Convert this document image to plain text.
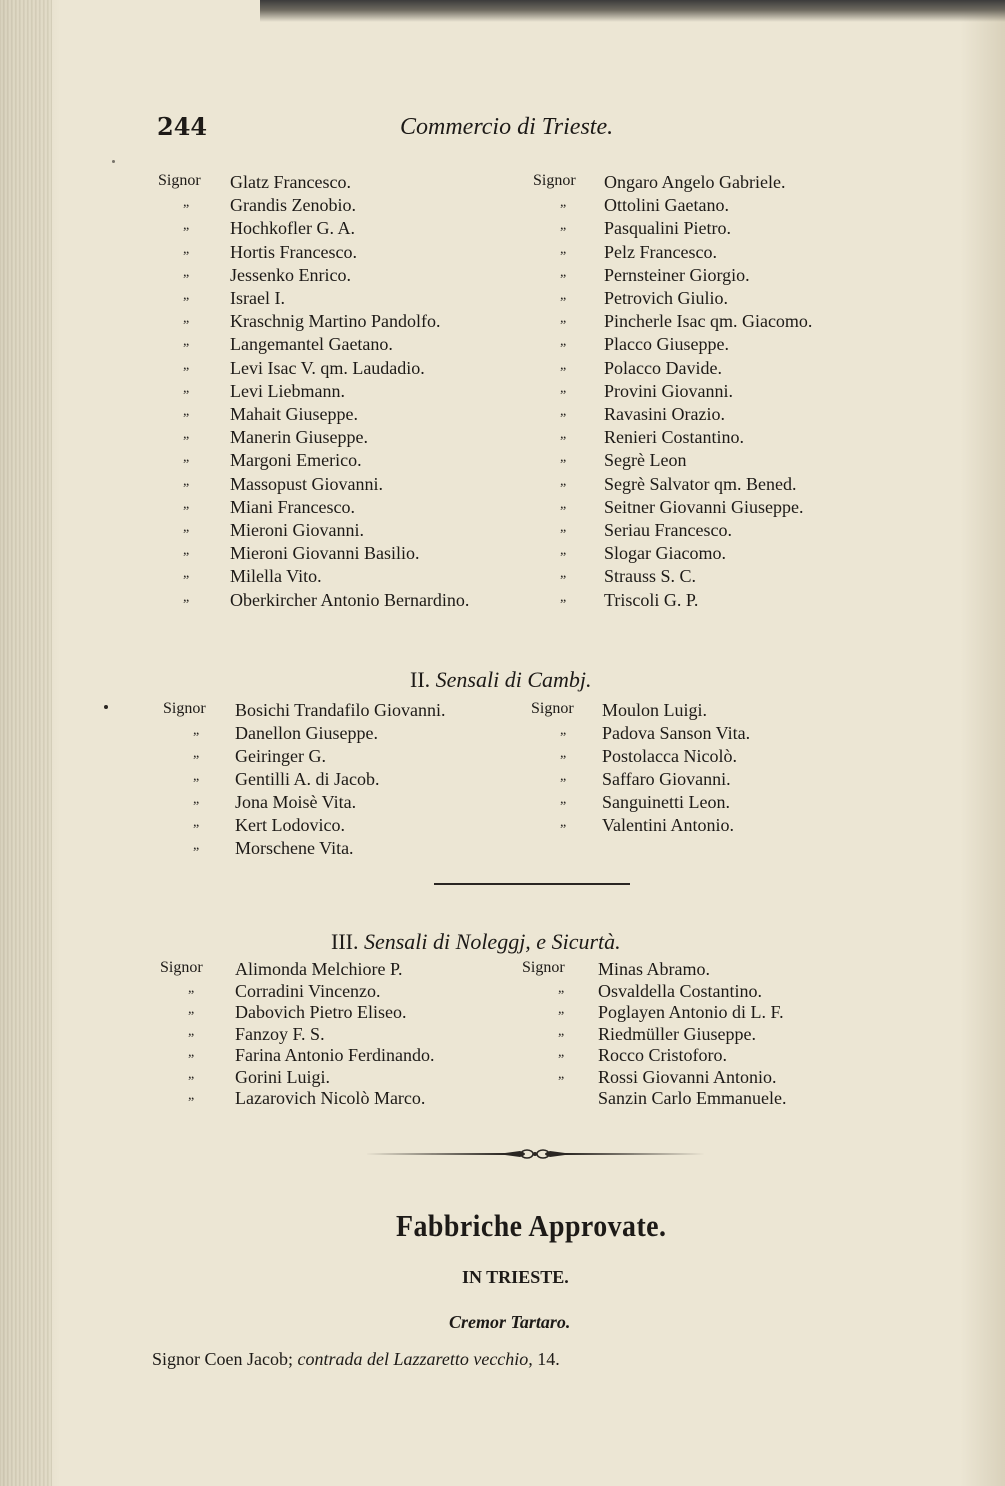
244	Commercio di Trieste.
Signor Glatz Francesco.
„ Grandis Zenobio.
„ Hochkofler G. A.
„ Hortis Francesco.
„ Jessenko Enrico.
„ Israel I.
„ Kraschnig Martino Pandolfo.
„ Langemantel Gaetano.
„ Levi Isac V. qm. Laudadio.
„ Levi Liebmann.
„ Mahait Giuseppe.
„ Manerin Giuseppe.
„ Margoni Emerico.
„ Massopust Giovanni.
„ Miani Francesco.
„ Mieroni Giovanni.
„ Mieroni Giovanni Basilio.
„ Milella Vito.
„ Oberkircher Antonio Bernardino.
Signor Ongaro Angelo Gabriele.
„ Ottolini Gaetano.
„ Pasqualini Pietro.
„ Pelz Francesco.
„ Pernsteiner Giorgio.
„ Petrovich Giulio.
„ Pincherle Isac qm. Giacomo.
„ Placco Giuseppe.
„ Polacco Davide.
„ Provini Giovanni.
„ Ravasini Orazio.
„ Renieri Costantino.
„ Segrè Leon
„ Segrè Salvator qm. Bened.
„ Seitner Giovanni Giuseppe.
„ Seriau Francesco.
„ Slogar Giacomo.
„ Strauss S. C.
„ Triscoli G. P.
II. Sensali di Cambj.
Signor Bosichi Trandafilo Giovanni.
„ Danellon Giuseppe.
„ Geiringer G.
„ Gentilli A. di Jacob.
„ Jona Moisè Vita.
„ Kert Lodovico.
„ Morschene Vita.
Signor Moulon Luigi.
„ Padova Sanson Vita.
„ Postolacca Nicolò.
„ Saffaro Giovanni.
„ Sanguinetti Leon.
„ Valentini Antonio.
III. Sensali di Noleggj, e Sicurtà.
Signor Alimonda Melchiore P.
„ Corradini Vincenzo.
„ Dabovich Pietro Eliseo.
„ Fanzoy F. S.
„ Farina Antonio Ferdinando.
„ Gorini Luigi.
„ Lazarovich Nicolò Marco.
Signor Minas Abramo.
„ Osvaldella Costantino.
„ Poglayen Antonio di L. F.
„ Riedmüller Giuseppe.
„ Rocco Cristoforo.
„ Rossi Giovanni Antonio.
Sanzin Carlo Emmanuele.
Fabbriche Approvate.
IN TRIESTE.
Cremor Tartaro.
Signor Coen Jacob; contrada del Lazzaretto vecchio, 14.
